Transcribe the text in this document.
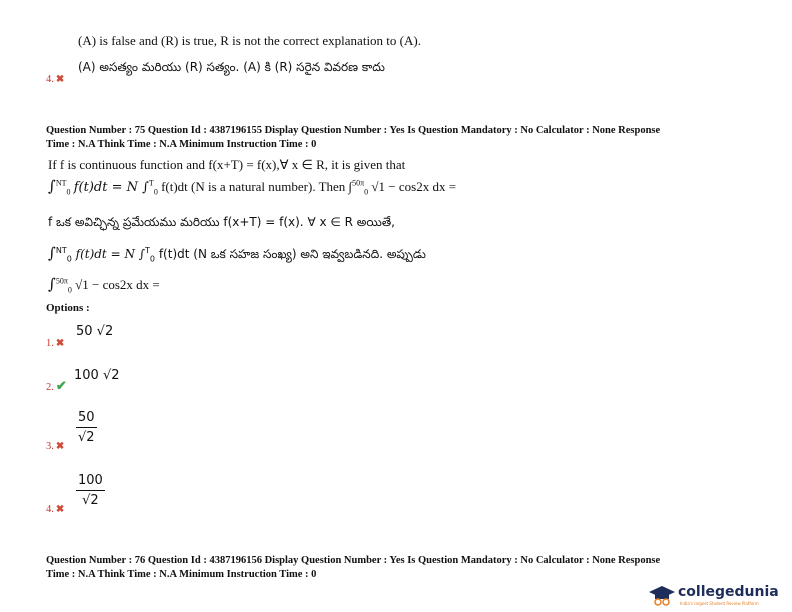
(A) is false and (R) is true, R is not the correct explanation to (A).
(A) అసత్యం మరియు (R) సత్యం. (A) కి (R) సరైన వివరణ కాదు
4. ✖
Question Number : 75 Question Id : 4387196155 Display Question Number : Yes Is Question Mandatory : No Calculator : None Response
Time : N.A Think Time : N.A Minimum Instruction Time : 0
If f is continuous function and f(x+T) = f(x),∀ x ∈ R, it is given that
∫$^{NT}_0$ f(t)dt = N ∫$^T_0$ f(t)dt (N is a natural number). Then ∫$^{50\pi}_0$ √1 − cos2x dx =
f ఒక అవిచ్ఛిన్న ప్రమేయము మరియు f(x+T) = f(x). ∀ x ∈ R అయితే,
∫$^{NT}_0$ f(t)dt = N ∫$^T_0$ f(t)dt (N ఒక సహజ సంఖ్య) అని ఇవ్వబడినది. అప్పుడు
∫$^{50\pi}_0$ √1 − cos2x dx =
Options :
50 √2
1. ✖
100 √2
2. ✔
$\frac{50}{√2}$
3. ✖
$\frac{100}{√2}$
4. ✖
Question Number : 76 Question Id : 4387196156 Display Question Number : Yes Is Question Mandatory : No Calculator : None Response
Time : N.A Think Time : N.A Minimum Instruction Time : 0
collegedunia
India's largest Student Review Platform
